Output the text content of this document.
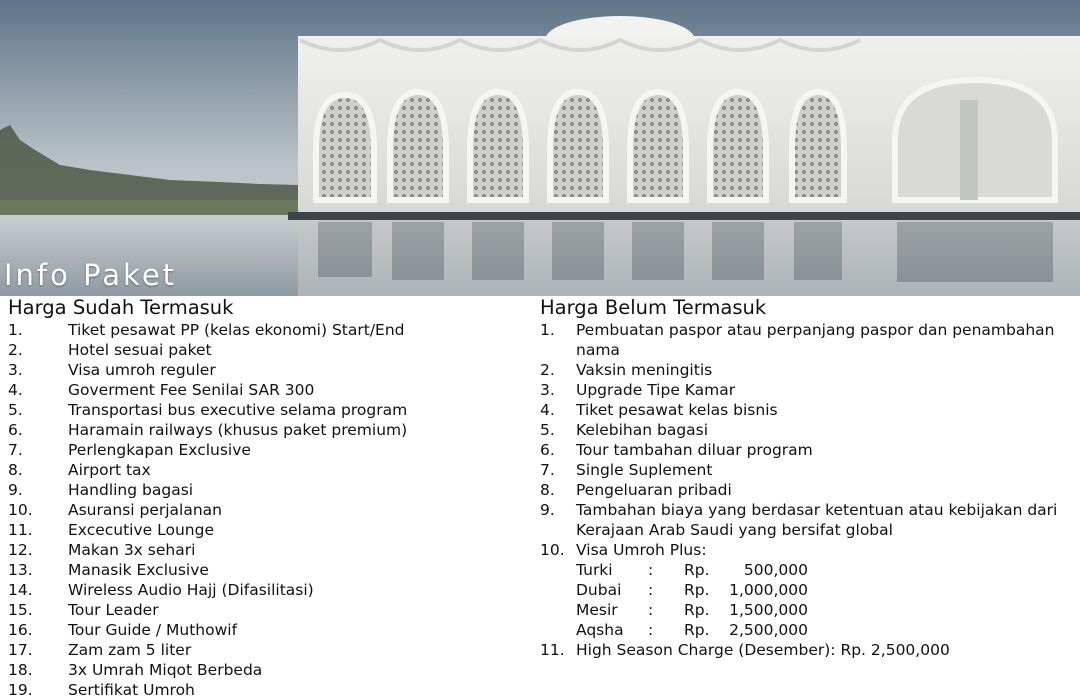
Info Paket
Harga Sudah Termasuk
1.	Tiket pesawat PP (kelas ekonomi) Start/End
2.	Hotel sesuai paket
3.	Visa umroh reguler
4.	Goverment Fee Senilai SAR 300
5.	Transportasi bus executive selama program
6.	Haramain railways (khusus paket premium)
7.	Perlengkapan Exclusive
8.	Airport tax
9.	Handling bagasi
10.	Asuransi perjalanan
11.	Excecutive Lounge
12.	Makan 3x sehari
13.	Manasik Exclusive
14.	Wireless Audio Hajj (Difasilitasi)
15.	Tour Leader
16.	Tour Guide / Muthowif
17.	Zam zam 5 liter
18.	3x Umrah Miqot Berbeda
19.	Sertifikat Umroh
Harga Belum Termasuk
1.	Pembuatan paspor atau perpanjang paspor dan penambahan nama
2.	Vaksin meningitis
3.	Upgrade Tipe Kamar
4.	Tiket pesawat kelas bisnis
5.	Kelebihan bagasi
6.	Tour tambahan diluar program
7.	Single Suplement
8.	Pengeluaran pribadi
9.	Tambahan biaya yang berdasar ketentuan atau kebijakan dari Kerajaan Arab Saudi yang bersifat global
10. Visa Umroh Plus:
Turki	:	Rp.	500,000
Dubai	:	Rp.	1,000,000
Mesir	:	Rp.	1,500,000
Aqsha	:	Rp.	2,500,000
11. High Season Charge (Desember): Rp. 2,500,000
